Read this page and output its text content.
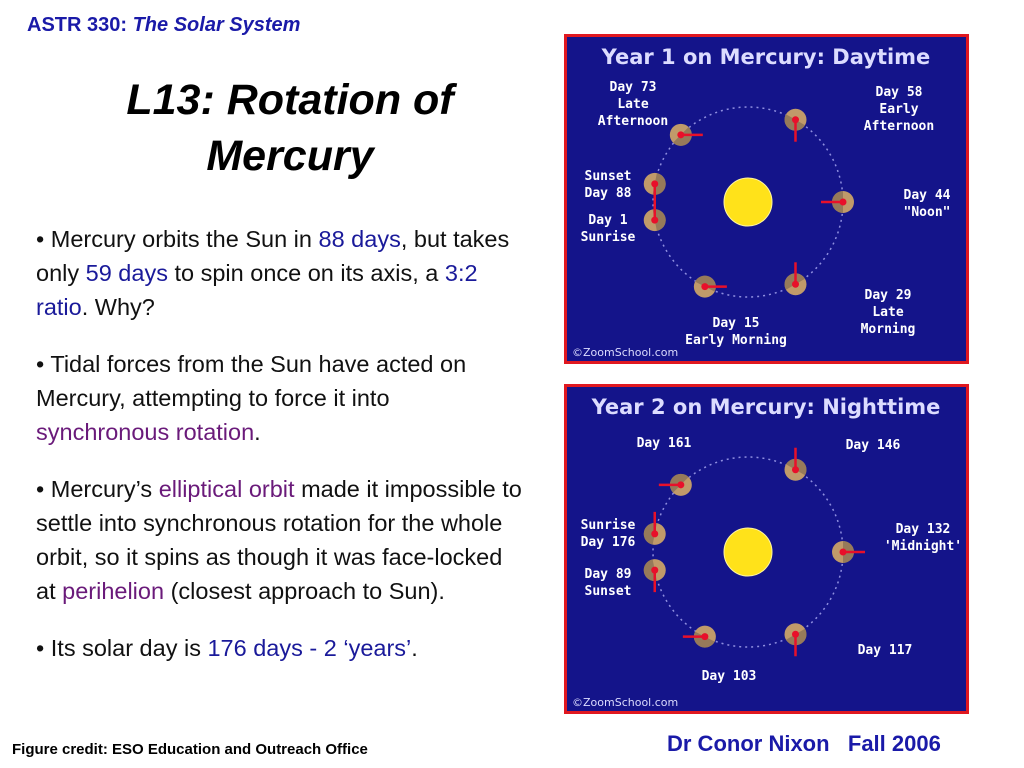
ASTR 330: The Solar System
L13: Rotation of
Mercury

• Mercury orbits the Sun in 88 days, but takes only 59 days to spin once on its axis, a 3:2 ratio. Why?

• Tidal forces from the Sun have acted on Mercury, attempting to force it into synchronous rotation.

• Mercury’s elliptical orbit made it impossible to settle into synchronous rotation for the whole orbit, so it spins as though it was face-locked at perihelion (closest approach to Sun).

• Its solar day is 176 days - 2 ‘years’.

Year 1 on Mercury: Daytime
Day 73 Late Afternoon
Day 58 Early Afternoon
Sunset Day 88
Day 1 Sunrise
Day 44 "Noon"
Day 29 Late Morning
Day 15 Early Morning
©ZoomSchool.com
Year 2 on Mercury: Nighttime
Day 161	Day 146
Sunrise Day 176
Day 89 Sunset
Day 132 'Midnight'
Day 117
Day 103
©ZoomSchool.com
Figure credit: ESO Education and Outreach Office	Dr Conor Nixon   Fall 2006
